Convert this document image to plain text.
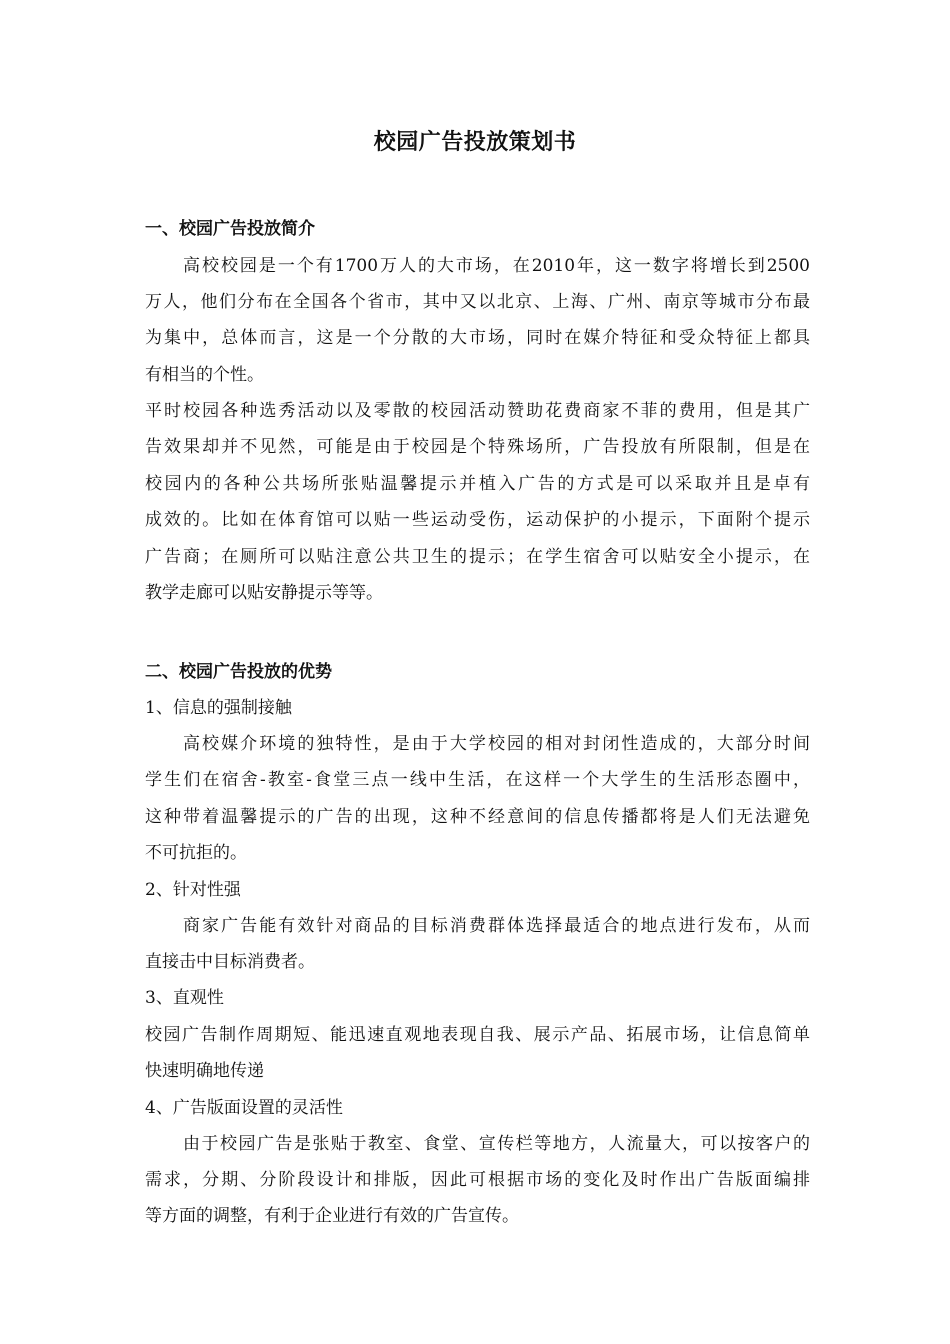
校园广告投放策划书

一、校园广告投放简介

高校校园是一个有1700万人的大市场，在2010年，这一数字将增长到2500

万人，他们分布在全国各个省市，其中又以北京、上海、广州、南京等城市分布最

为集中，总体而言，这是一个分散的大市场，同时在媒介特征和受众特征上都具

有相当的个性。

平时校园各种选秀活动以及零散的校园活动赞助花费商家不菲的费用，但是其广

告效果却并不见然，可能是由于校园是个特殊场所，广告投放有所限制，但是在

校园内的各种公共场所张贴温馨提示并植入广告的方式是可以采取并且是卓有

成效的。比如在体育馆可以贴一些运动受伤，运动保护的小提示，下面附个提示

广告商；在厕所可以贴注意公共卫生的提示；在学生宿舍可以贴安全小提示，在

教学走廊可以贴安静提示等等。

二、校园广告投放的优势

1、信息的强制接触

高校媒介环境的独特性，是由于大学校园的相对封闭性造成的，大部分时间

学生们在宿舍-教室-食堂三点一线中生活，在这样一个大学生的生活形态圈中，

这种带着温馨提示的广告的出现，这种不经意间的信息传播都将是人们无法避免

不可抗拒的。

2、针对性强

商家广告能有效针对商品的目标消费群体选择最适合的地点进行发布，从而

直接击中目标消费者。

3、直观性

校园广告制作周期短、能迅速直观地表现自我、展示产品、拓展市场，让信息简单

快速明确地传递

4、广告版面设置的灵活性

由于校园广告是张贴于教室、食堂、宣传栏等地方，人流量大，可以按客户的

需求，分期、分阶段设计和排版，因此可根据市场的变化及时作出广告版面编排

等方面的调整，有利于企业进行有效的广告宣传。
